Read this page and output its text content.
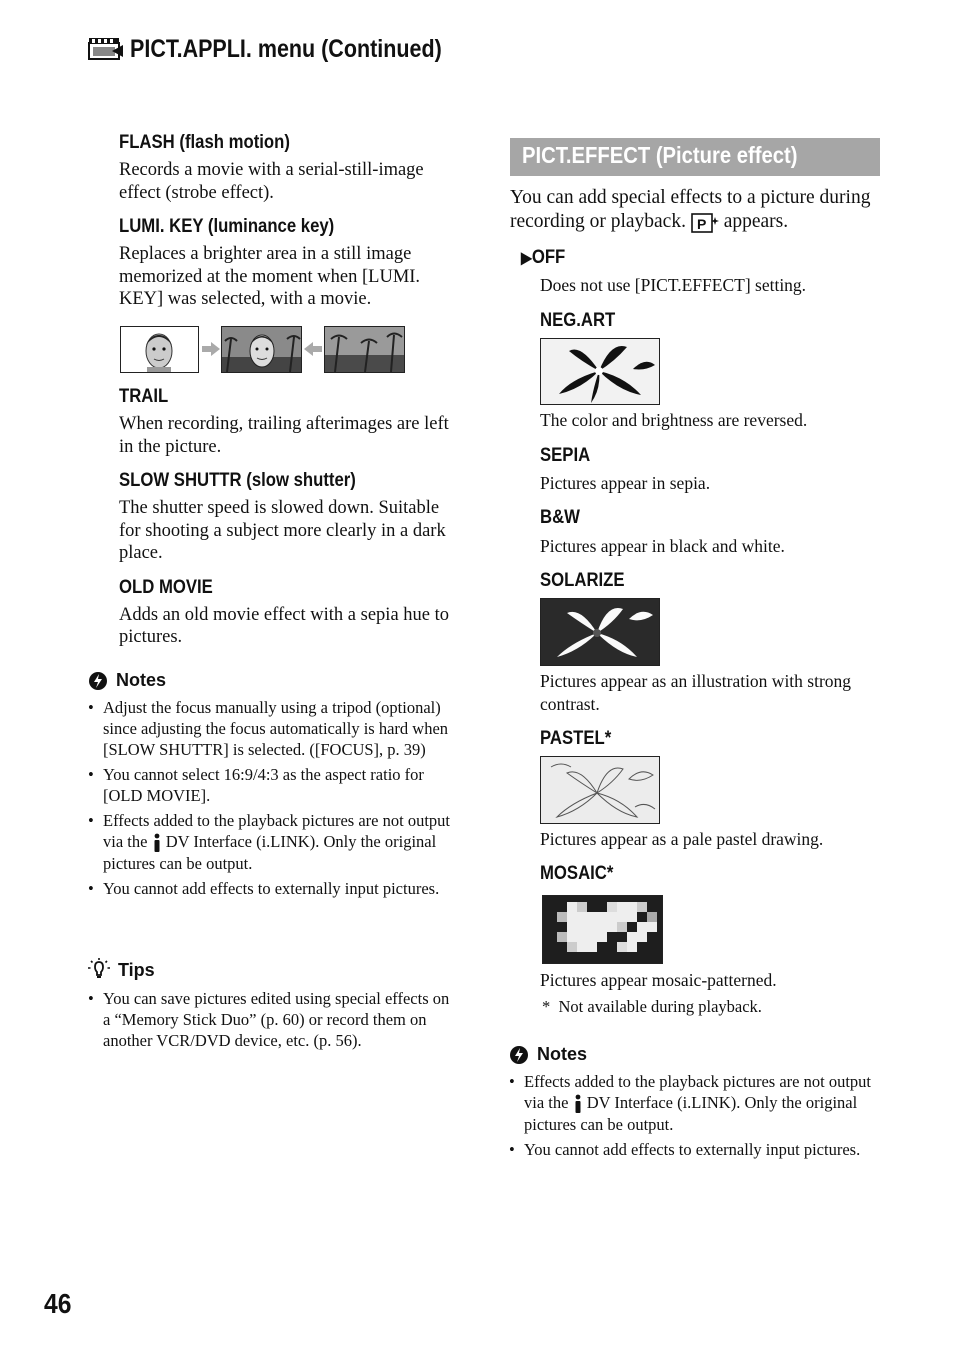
PICT.APPLI. menu (Continued)

FLASH (flash motion)

Records a movie with a serial-still-image effect (strobe effect).

LUMI. KEY (luminance key)

Replaces a brighter area in a still image memorized at the moment when [LUMI. KEY] was selected, with a movie.

TRAIL

When recording, trailing afterimages are left in the picture.

SLOW SHUTTR (slow shutter)

The shutter speed is slowed down. Suitable for shooting a subject more clearly in a dark place.

OLD MOVIE

Adds an old movie effect with a sepia hue to pictures.

Notes
• Adjust the focus manually using a tripod (optional) since adjusting the focus automatically is hard when [SLOW SHUTTR] is selected. ([FOCUS], p. 39)
• You cannot select 16:9/4:3 as the aspect ratio for [OLD MOVIE].
• Effects added to the playback pictures are not output via the DV Interface (i.LINK). Only the original pictures can be output.
• You cannot add effects to externally input pictures.
Tips
• You can save pictures edited using special effects on a “Memory Stick Duo” (p. 60) or record them on another VCR/DVD device, etc. (p. 56).
PICT.EFFECT (Picture effect)

You can add special effects to a picture during recording or playback. P appears.

▶OFF

Does not use [PICT.EFFECT] setting.

NEG.ART

The color and brightness are reversed.

SEPIA

Pictures appear in sepia.

B&W

Pictures appear in black and white.

SOLARIZE

Pictures appear as an illustration with strong contrast.

PASTEL*

Pictures appear as a pale pastel drawing.

MOSAIC*

Pictures appear mosaic-patterned.

*  Not available during playback.

Notes
• Effects added to the playback pictures are not output via the DV Interface (i.LINK). Only the original pictures can be output.
• You cannot add effects to externally input pictures.
46
